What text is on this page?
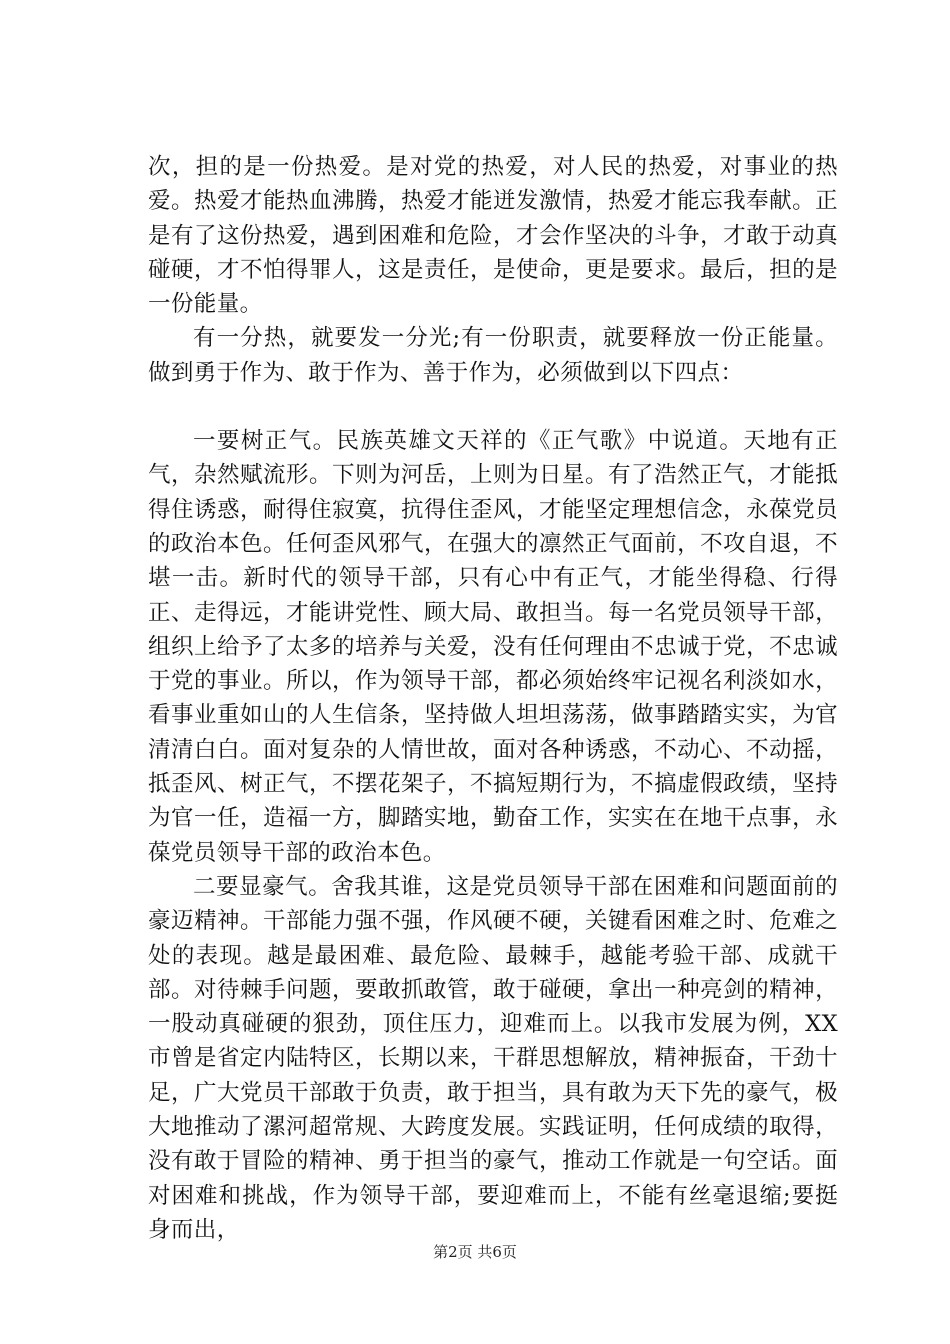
次，担的是一份热爱。是对党的热爱，对人民的热爱，对事业的热爱。热爱才能热血沸腾，热爱才能迸发激情，热爱才能忘我奉献。正是有了这份热爱，遇到困难和危险，才会作坚决的斗争，才敢于动真碰硬，才不怕得罪人，这是责任，是使命，更是要求。最后，担的是一份能量。

有一分热，就要发一分光;有一份职责，就要释放一份正能量。做到勇于作为、敢于作为、善于作为，必须做到以下四点：

一要树正气。民族英雄文天祥的《正气歌》中说道。天地有正气，杂然赋流形。下则为河岳，上则为日星。有了浩然正气，才能抵得住诱惑，耐得住寂寞，抗得住歪风，才能坚定理想信念，永葆党员的政治本色。任何歪风邪气，在强大的凛然正气面前，不攻自退，不堪一击。新时代的领导干部，只有心中有正气，才能坐得稳、行得正、走得远，才能讲党性、顾大局、敢担当。每一名党员领导干部，组织上给予了太多的培养与关爱，没有任何理由不忠诚于党，不忠诚于党的事业。所以，作为领导干部，都必须始终牢记视名利淡如水，看事业重如山的人生信条，坚持做人坦坦荡荡，做事踏踏实实，为官清清白白。面对复杂的人情世故，面对各种诱惑，不动心、不动摇，抵歪风、树正气，不摆花架子，不搞短期行为，不搞虚假政绩，坚持为官一任，造福一方，脚踏实地，勤奋工作，实实在在地干点事，永葆党员领导干部的政治本色。

二要显豪气。舍我其谁，这是党员领导干部在困难和问题面前的豪迈精神。干部能力强不强，作风硬不硬，关键看困难之时、危难之处的表现。越是最困难、最危险、最棘手，越能考验干部、成就干部。对待棘手问题，要敢抓敢管，敢于碰硬，拿出一种亮剑的精神，一股动真碰硬的狠劲，顶住压力，迎难而上。以我市发展为例，XX市曾是省定内陆特区，长期以来，干群思想解放，精神振奋，干劲十足，广大党员干部敢于负责，敢于担当，具有敢为天下先的豪气，极大地推动了漯河超常规、大跨度发展。实践证明，任何成绩的取得，没有敢于冒险的精神、勇于担当的豪气，推动工作就是一句空话。面对困难和挑战，作为领导干部，要迎难而上，不能有丝毫退缩;要挺身而出，

第2页 共6页
